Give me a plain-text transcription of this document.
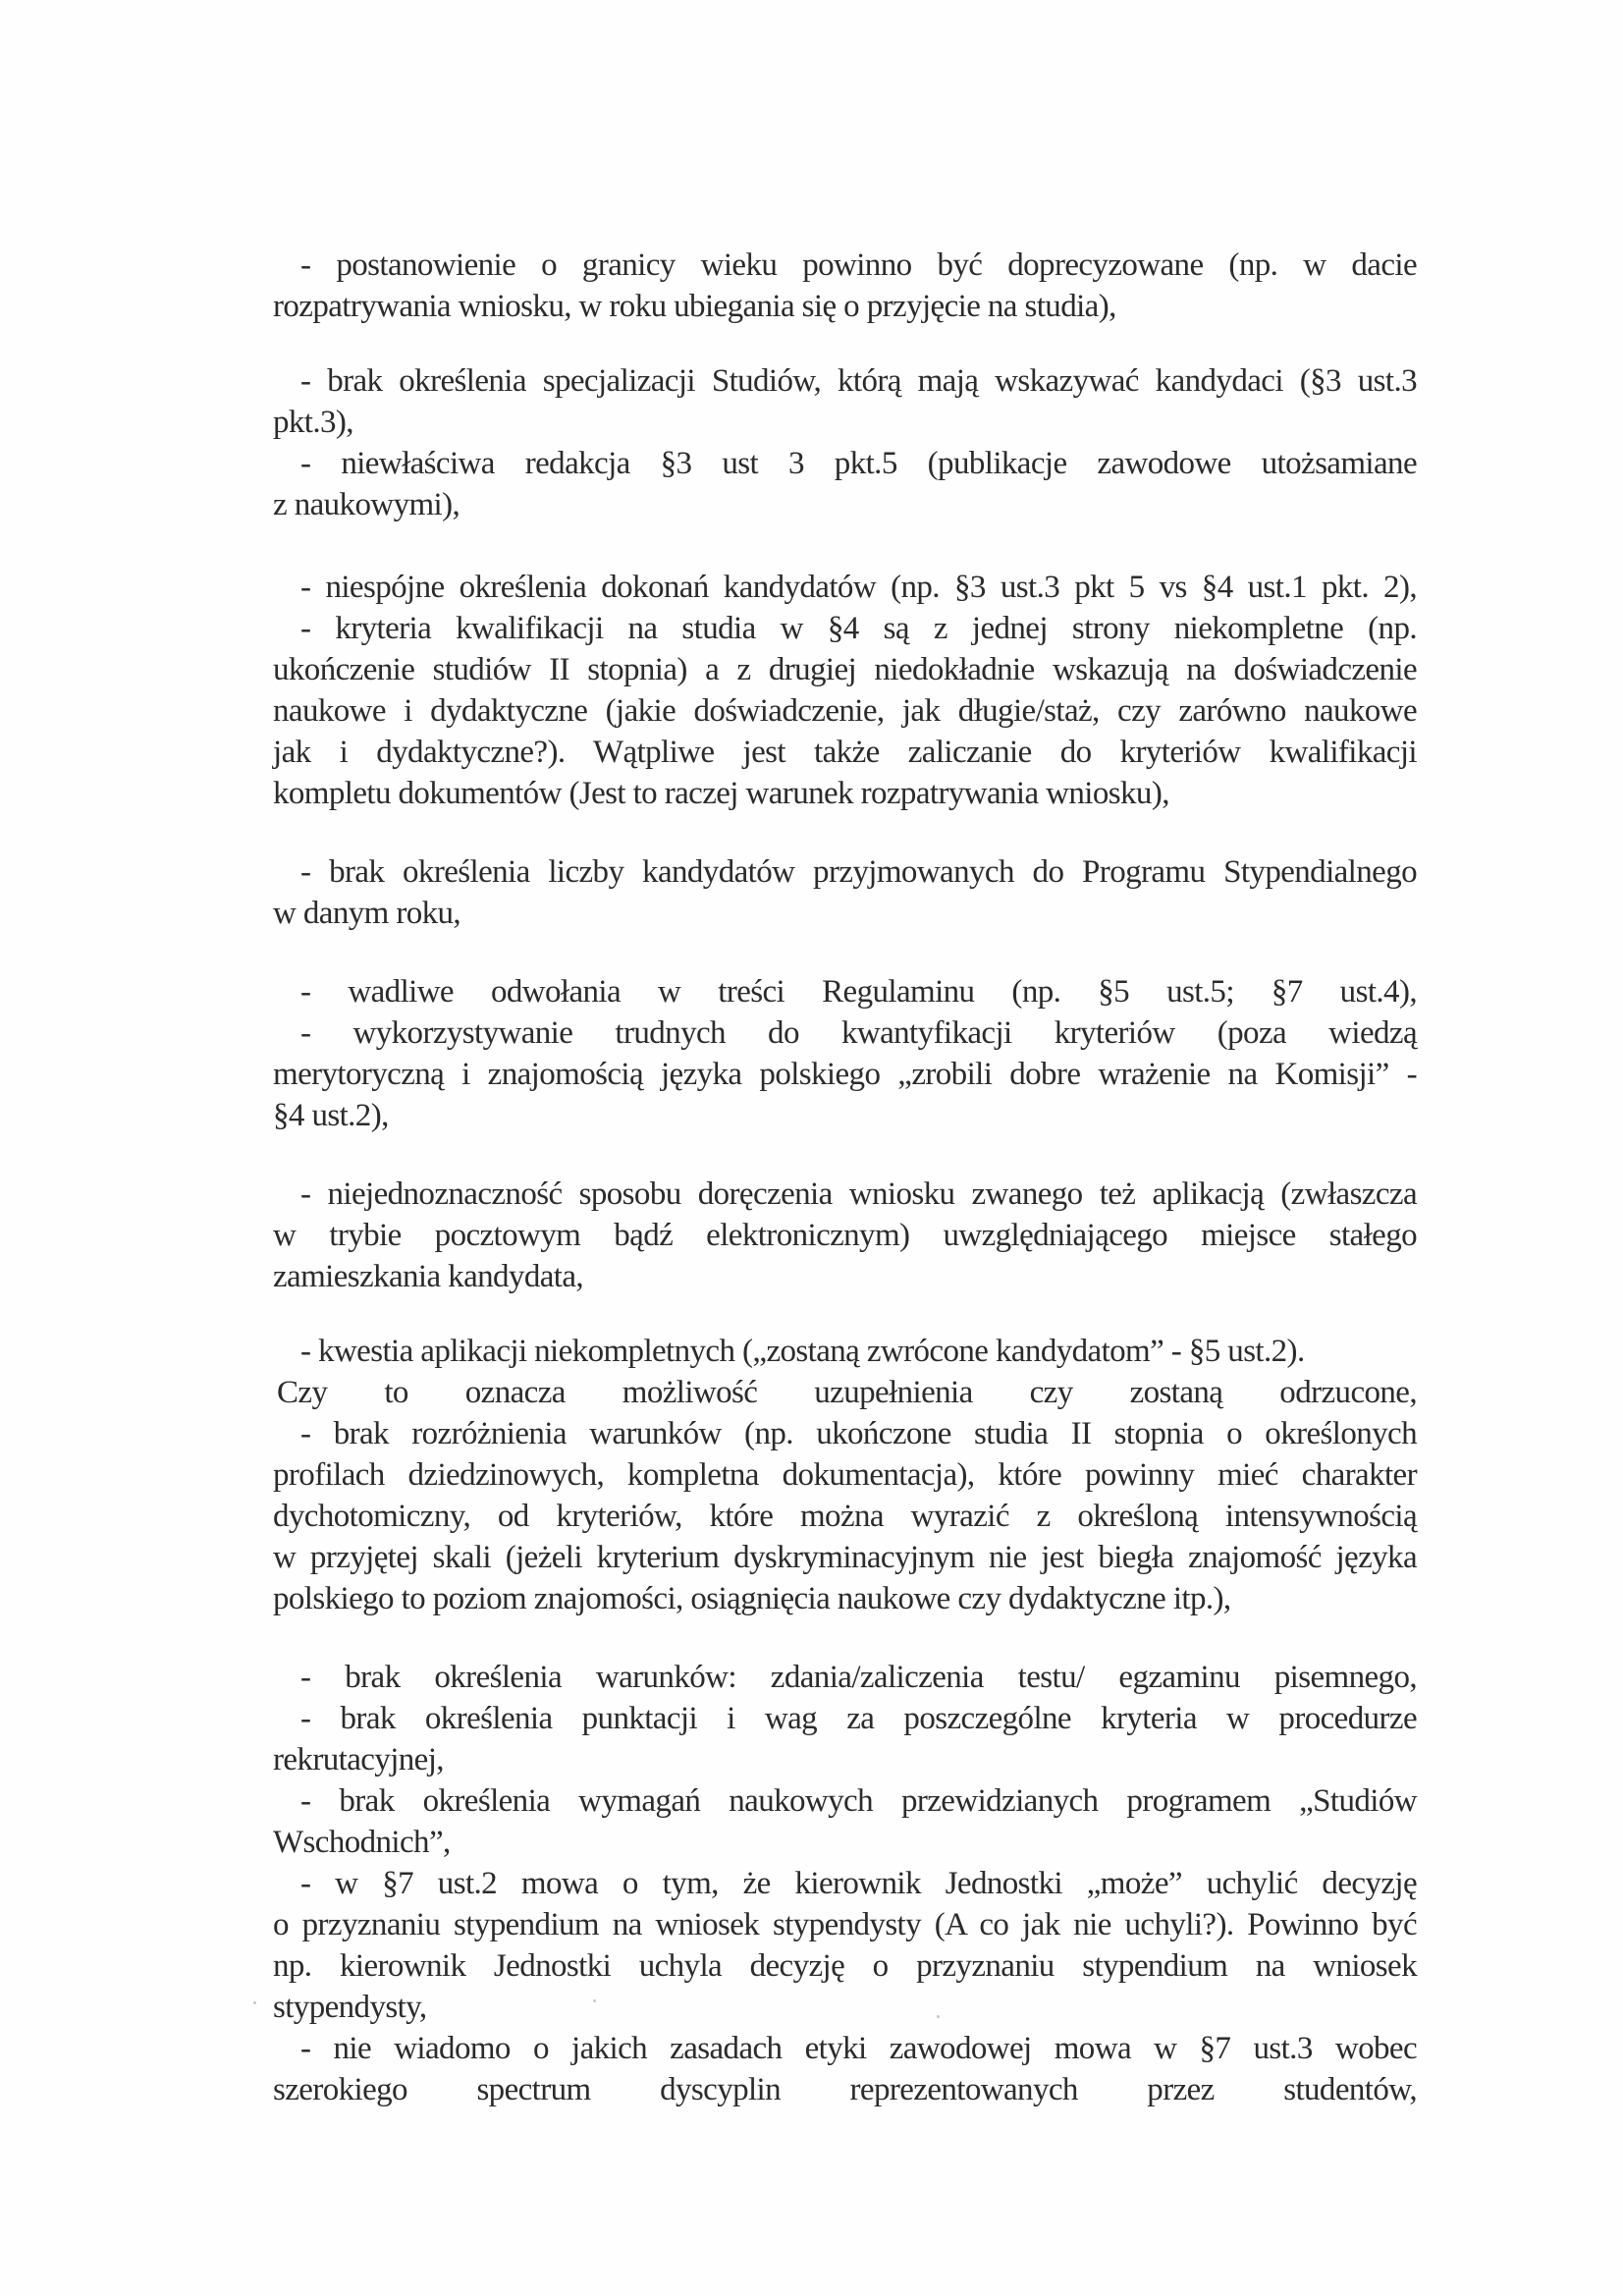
- postanowienie o granicy wieku powinno być doprecyzowane (np. w dacie
rozpatrywania wniosku, w roku ubiegania się o przyjęcie na studia),
- brak określenia specjalizacji Studiów, którą mają wskazywać kandydaci (§3 ust.3
pkt.3),
- niewłaściwa redakcja §3 ust 3 pkt.5 (publikacje zawodowe utożsamiane
z naukowymi),
- niespójne określenia dokonań kandydatów (np. §3 ust.3 pkt 5 vs §4 ust.1 pkt. 2),
- kryteria kwalifikacji na studia w §4 są z jednej strony niekompletne (np.
ukończenie studiów II stopnia) a z drugiej niedokładnie wskazują na doświadczenie
naukowe i dydaktyczne (jakie doświadczenie, jak długie/staż, czy zarówno naukowe
jak i dydaktyczne?). Wątpliwe jest także zaliczanie do kryteriów kwalifikacji
kompletu dokumentów (Jest to raczej warunek rozpatrywania wniosku),
- brak określenia liczby kandydatów przyjmowanych do Programu Stypendialnego
w danym roku,
- wadliwe odwołania w treści Regulaminu (np. §5 ust.5; §7 ust.4),
- wykorzystywanie trudnych do kwantyfikacji kryteriów (poza wiedzą
merytoryczną i znajomością języka polskiego „zrobili dobre wrażenie na Komisji” -
§4 ust.2),
- niejednoznaczność sposobu doręczenia wniosku zwanego też aplikacją (zwłaszcza
w trybie pocztowym bądź elektronicznym) uwzględniającego miejsce stałego
zamieszkania kandydata,
- kwestia aplikacji niekompletnych („zostaną zwrócone kandydatom” - §5 ust.2).
Czy to oznacza możliwość uzupełnienia czy zostaną odrzucone,
- brak rozróżnienia warunków (np. ukończone studia II stopnia o określonych
profilach dziedzinowych, kompletna dokumentacja), które powinny mieć charakter
dychotomiczny, od kryteriów, które można wyrazić z określoną intensywnością
w przyjętej skali (jeżeli kryterium dyskryminacyjnym nie jest biegła znajomość języka
polskiego to poziom znajomości, osiągnięcia naukowe czy dydaktyczne itp.),
- brak określenia warunków: zdania/zaliczenia testu/ egzaminu pisemnego,
- brak określenia punktacji i wag za poszczególne kryteria w procedurze
rekrutacyjnej,
- brak określenia wymagań naukowych przewidzianych programem „Studiów
Wschodnich”,
- w §7 ust.2 mowa o tym, że kierownik Jednostki „może” uchylić decyzję
o przyznaniu stypendium na wniosek stypendysty (A co jak nie uchyli?). Powinno być
np. kierownik Jednostki uchyla decyzję o przyznaniu stypendium na wniosek
stypendysty,
- nie wiadomo o jakich zasadach etyki zawodowej mowa w §7 ust.3 wobec
szerokiego spectrum dyscyplin reprezentowanych przez studentów,
